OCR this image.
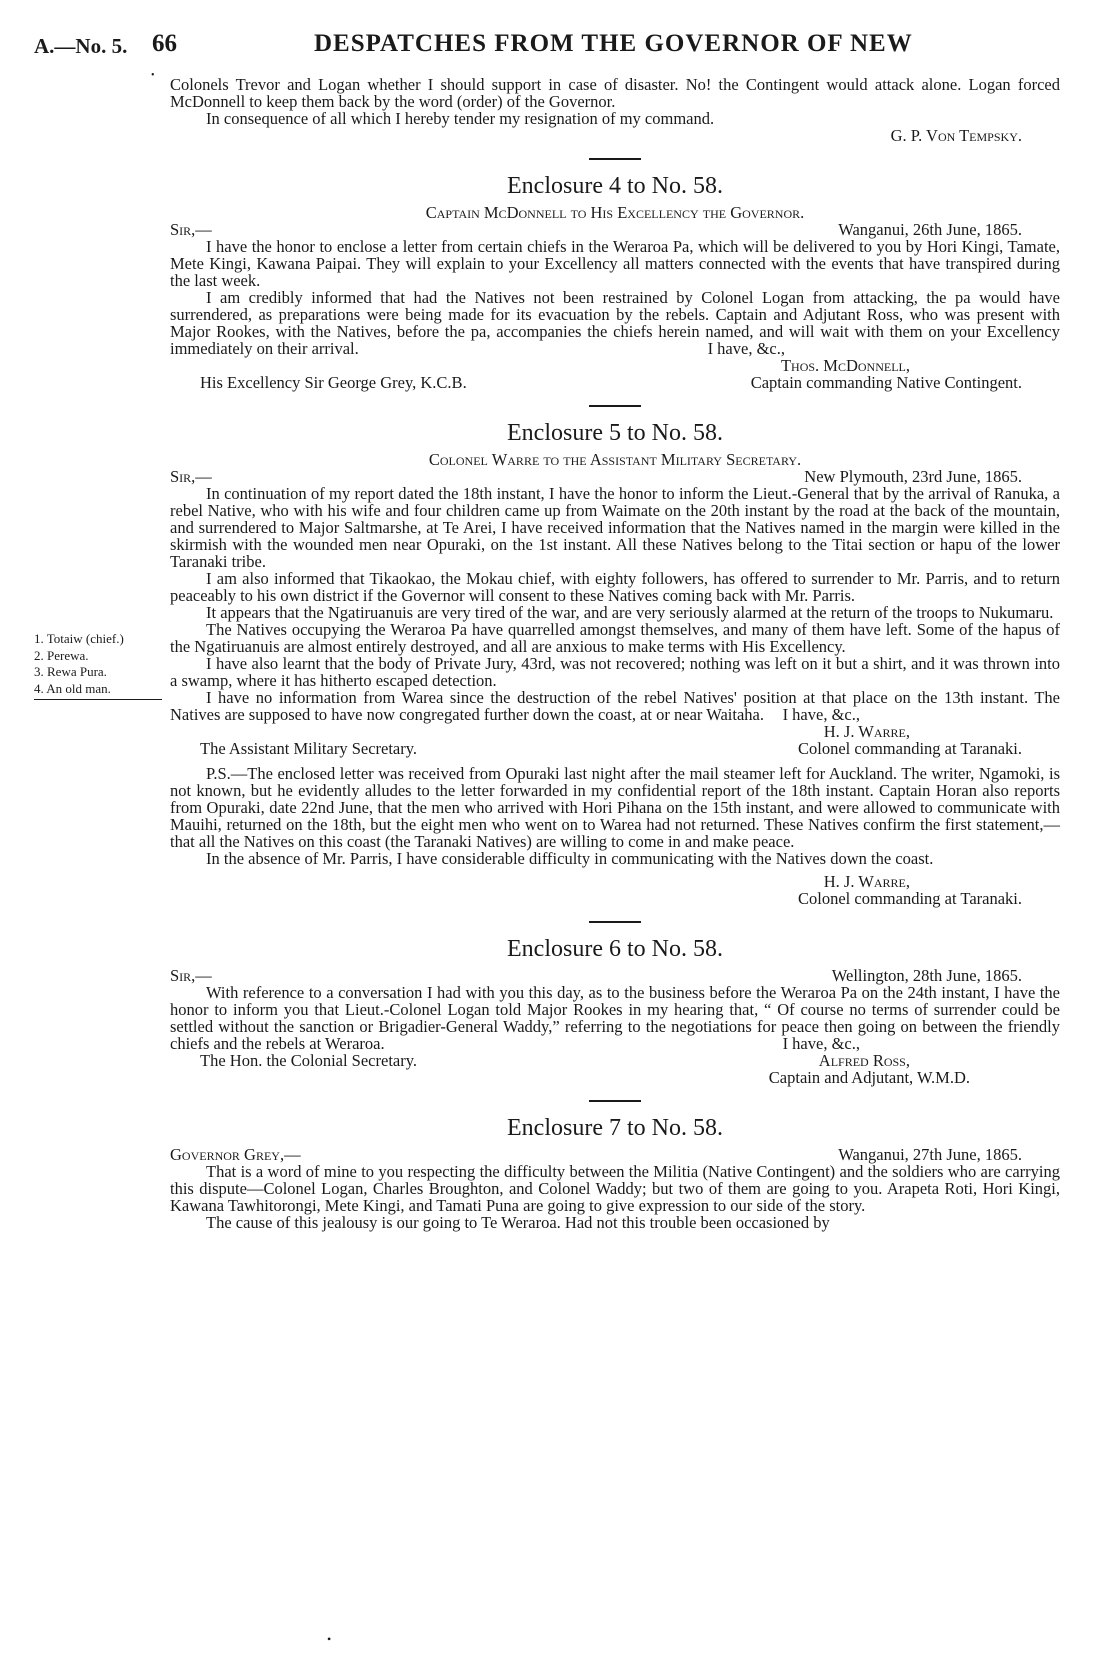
A.—No. 5. 66	DESPATCHES FROM THE GOVERNOR OF NEW
•
1. Totaiw (chief.)
2. Perewa.
3. Rewa Pura.
4. An old man.

Colonels Trevor and Logan whether I should support in case of disaster. No! the Contingent would attack alone. Logan forced McDonnell to keep them back by the word (order) of the Governor.

In consequence of all which I hereby tender my resignation of my command.

G. P. Von Tempsky.

Enclosure 4 to No. 58.
Captain McDonnell to His Excellency the Governor.
Sir,—	Wanganui, 26th June, 1865.

I have the honor to enclose a letter from certain chiefs in the Weraroa Pa, which will be delivered to you by Hori Kingi, Tamate, Mete Kingi, Kawana Paipai. They will explain to your Excellency all matters connected with the events that have transpired during the last week.

I am credibly informed that had the Natives not been restrained by Colonel Logan from attacking, the pa would have surrendered, as preparations were being made for its evacuation by the rebels. Captain and Adjutant Ross, who was present with Major Rookes, with the Natives, before the pa, accompanies the chiefs herein named, and will wait with them on your Excellency immediately on their arrival.	I have, &c.,

Thos. McDonnell,

His Excellency Sir George Grey, K.C.B.	Captain commanding Native Contingent.
Enclosure 5 to No. 58.
Colonel Warre to the Assistant Military Secretary.
Sir,—	New Plymouth, 23rd June, 1865.

In continuation of my report dated the 18th instant, I have the honor to inform the Lieut.-General that by the arrival of Ranuka, a rebel Native, who with his wife and four children came up from Waimate on the 20th instant by the road at the back of the mountain, and surrendered to Major Saltmarshe, at Te Arei, I have received information that the Natives named in the margin were killed in the skirmish with the wounded men near Opuraki, on the 1st instant. All these Natives belong to the Titai section or hapu of the lower Taranaki tribe.

I am also informed that Tikaokao, the Mokau chief, with eighty followers, has offered to surrender to Mr. Parris, and to return peaceably to his own district if the Governor will consent to these Natives coming back with Mr. Parris.

It appears that the Ngatiruanuis are very tired of the war, and are very seriously alarmed at the return of the troops to Nukumaru.

The Natives occupying the Weraroa Pa have quarrelled amongst themselves, and many of them have left. Some of the hapus of the Ngatiruanuis are almost entirely destroyed, and all are anxious to make terms with His Excellency.

I have also learnt that the body of Private Jury, 43rd, was not recovered; nothing was left on it but a shirt, and it was thrown into a swamp, where it has hitherto escaped detection.

I have no information from Warea since the destruction of the rebel Natives' position at that place on the 13th instant. The Natives are supposed to have now congregated further down the coast, at or near Waitaha.	I have, &c.,

H. J. Warre,

The Assistant Military Secretary.	Colonel commanding at Taranaki.

P.S.—The enclosed letter was received from Opuraki last night after the mail steamer left for Auckland. The writer, Ngamoki, is not known, but he evidently alludes to the letter forwarded in my confidential report of the 18th instant. Captain Horan also reports from Opuraki, date 22nd June, that the men who arrived with Hori Pihana on the 15th instant, and were allowed to communicate with Mauihi, returned on the 18th, but the eight men who went on to Warea had not returned. These Natives confirm the first statement,—that all the Natives on this coast (the Taranaki Natives) are willing to come in and make peace.

In the absence of Mr. Parris, I have considerable difficulty in communicating with the Natives down the coast.

H. J. Warre,

Colonel commanding at Taranaki.

Enclosure 6 to No. 58.
Sir,—	Wellington, 28th June, 1865.

With reference to a conversation I had with you this day, as to the business before the Weraroa Pa on the 24th instant, I have the honor to inform you that Lieut.-Colonel Logan told Major Rookes in my hearing that, “ Of course no terms of surrender could be settled without the sanction or Brigadier-General Waddy,” referring to the negotiations for peace then going on between the friendly chiefs and the rebels at Weraroa.	I have, &c.,

The Hon. the Colonial Secretary.	Alfred Ross,

Captain and Adjutant, W.M.D.

Enclosure 7 to No. 58.
Governor Grey,—	Wanganui, 27th June, 1865.

That is a word of mine to you respecting the difficulty between the Militia (Native Contingent) and the soldiers who are carrying this dispute—Colonel Logan, Charles Broughton, and Colonel Waddy; but two of them are going to you. Arapeta Roti, Hori Kingi, Kawana Tawhitorongi, Mete Kingi, and Tamati Puna are going to give expression to our side of the story.

The cause of this jealousy is our going to Te Weraroa. Had not this trouble been occasioned by

•
